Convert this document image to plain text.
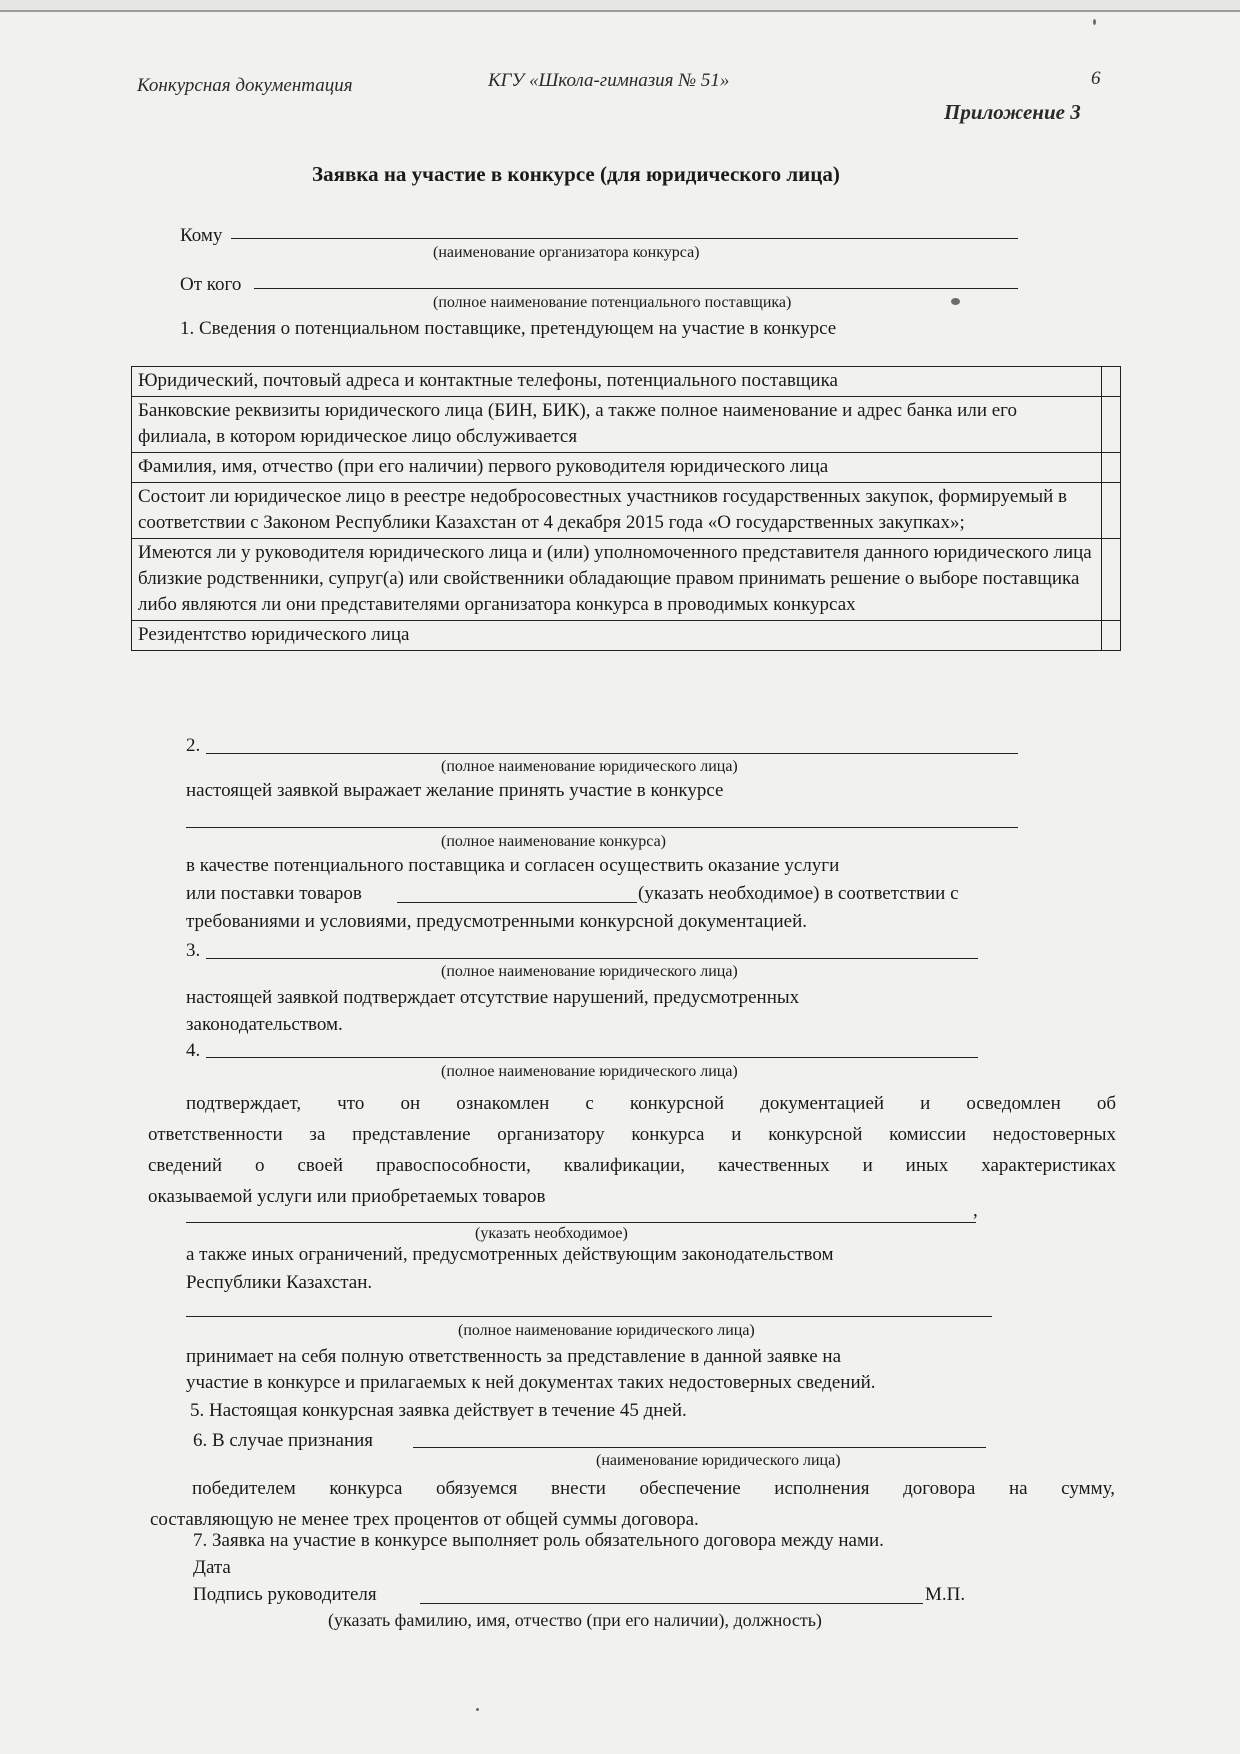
Конкурсная документация	КГУ «Школа-гимназия № 51»	6
Приложение 3
Заявка на участие в конкурсе (для юридического лица)
Кому
(наименование организатора конкурса)
От кого
(полное наименование потенциального поставщика)
1. Сведения о потенциальном поставщике, претендующем на участие в конкурсе
Юридический, почтовый адреса и контактные телефоны, потенциального поставщика	
Банковские реквизиты юридического лица (БИН, БИК), а также полное наименование и адрес банка или его филиала, в котором юридическое лицо обслуживается	
Фамилия, имя, отчество (при его наличии) первого руководителя юридического лица	
Состоит ли юридическое лицо в реестре недобросовестных участников государственных закупок, формируемый в соответствии с Законом Республики Казахстан от 4 декабря 2015 года «О государственных закупках»;	
Имеются ли у руководителя юридического лица и (или) уполномоченного представителя данного юридического лица близкие родственники, супруг(а) или свойственники обладающие правом принимать решение о выборе поставщика либо являются ли они представителями организатора конкурса в проводимых конкурсах	
Резидентство юридического лица	
2.
(полное наименование юридического лица)
настоящей заявкой выражает желание принять участие в конкурсе
(полное наименование конкурса)
в качестве потенциального поставщика и согласен осуществить оказание услуги
или поставки товаров	(указать необходимое) в соответствии с
требованиями и условиями, предусмотренными конкурсной документацией.
3.
(полное наименование юридического лица)
настоящей заявкой подтверждает отсутствие нарушений, предусмотренных
законодательством.
4.
(полное наименование юридического лица)
подтверждает, что он ознакомлен с конкурсной документацией и осведомлен об
ответственности за представление организатору конкурса и конкурсной комиссии недостоверных
сведений о своей правоспособности, квалификации, качественных и иных характеристиках
оказываемой услуги или приобретаемых товаров
,
(указать необходимое)
а также иных ограничений, предусмотренных действующим законодательством
Республики Казахстан.
(полное наименование юридического лица)
принимает на себя полную ответственность за представление в данной заявке на
участие в конкурсе и прилагаемых к ней документах таких недостоверных сведений.
5. Настоящая конкурсная заявка действует в течение 45 дней.
6. В случае признания
(наименование юридического лица)
победителем конкурса обязуемся внести обеспечение исполнения договора на сумму,
составляющую не менее трех процентов от общей суммы договора.
7. Заявка на участие в конкурсе выполняет роль обязательного договора между нами.
Дата
Подпись руководителя	М.П.
(указать фамилию, имя, отчество (при его наличии), должность)
